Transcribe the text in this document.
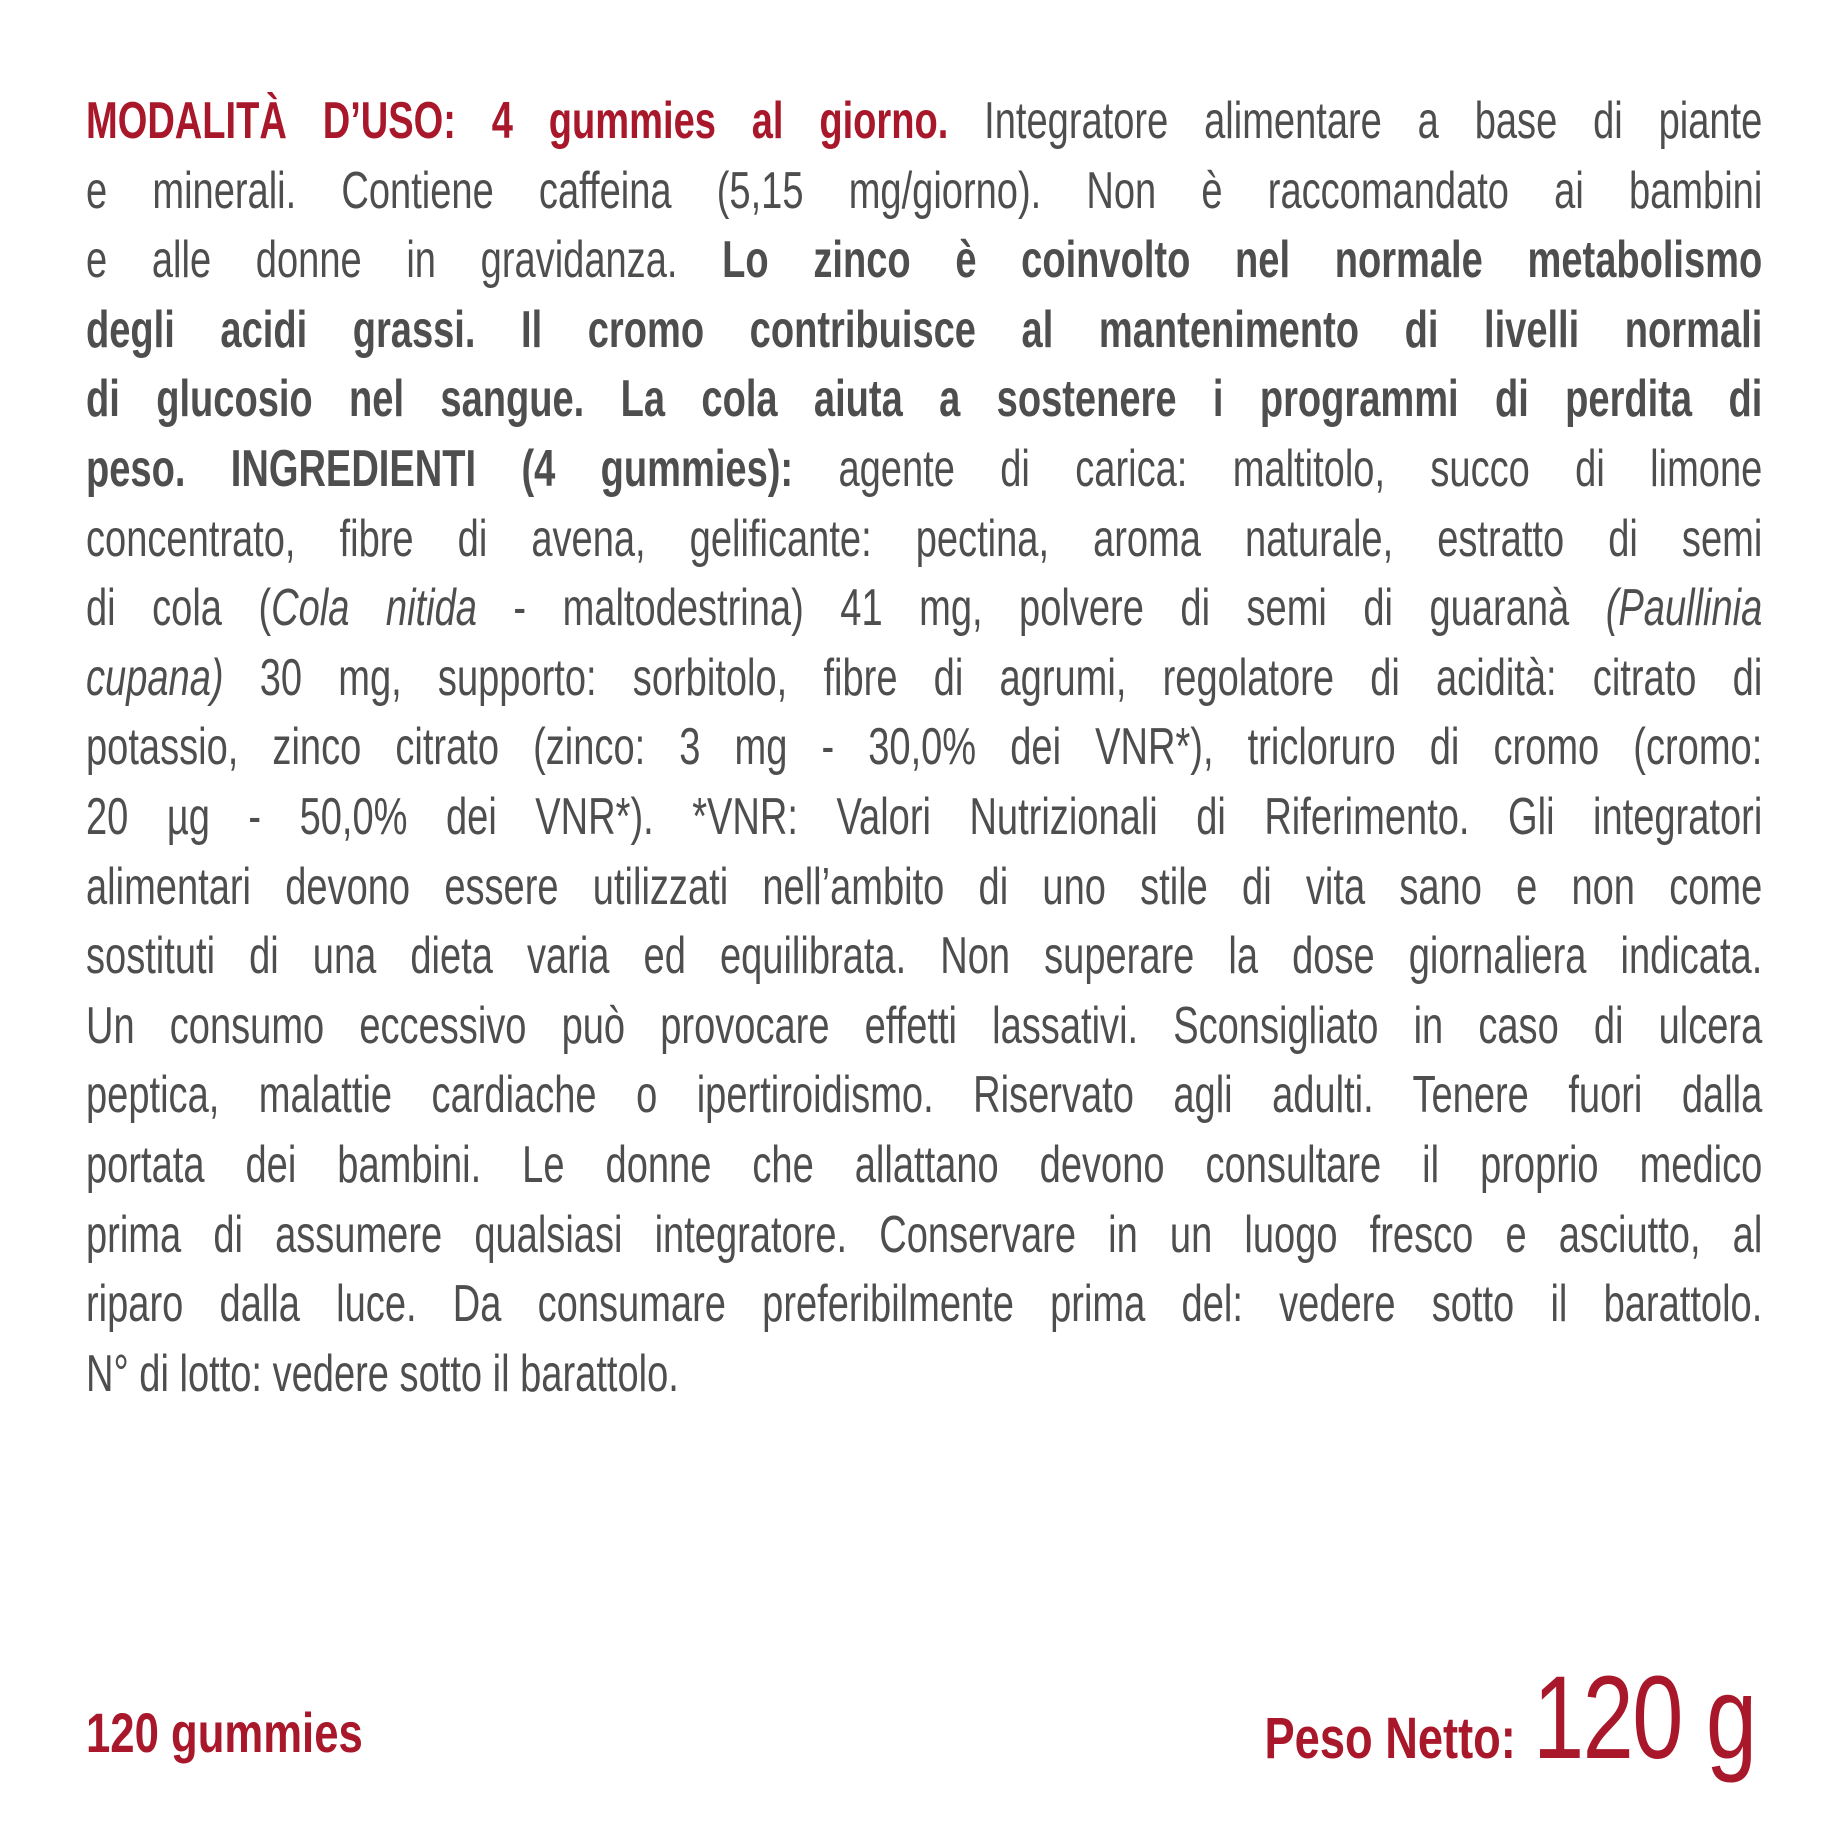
MODALITÀ D’USO: 4 gummies al giorno. Integratore alimentare a base di piante
e minerali. Contiene caffeina (5,15 mg/giorno). Non è raccomandato ai bambini
e alle donne in gravidanza. Lo zinco è coinvolto nel normale metabolismo
degli acidi grassi. Il cromo contribuisce al mantenimento di livelli normali
di glucosio nel sangue. La cola aiuta a sostenere i programmi di perdita di
peso. INGREDIENTI (4 gummies): agente di carica: maltitolo, succo di limone
concentrato, fibre di avena, gelificante: pectina, aroma naturale, estratto di semi
di cola (Cola nitida - maltodestrina) 41 mg, polvere di semi di guaranà (Paullinia
cupana) 30 mg, supporto: sorbitolo, fibre di agrumi, regolatore di acidità: citrato di
potassio, zinco citrato (zinco: 3 mg - 30,0% dei VNR*), tricloruro di cromo (cromo:
20 µg - 50,0% dei VNR*). *VNR: Valori Nutrizionali di Riferimento. Gli integratori
alimentari devono essere utilizzati nell’ambito di uno stile di vita sano e non come
sostituti di una dieta varia ed equilibrata. Non superare la dose giornaliera indicata.
Un consumo eccessivo può provocare effetti lassativi. Sconsigliato in caso di ulcera
peptica, malattie cardiache o ipertiroidismo. Riservato agli adulti. Tenere fuori dalla
portata dei bambini. Le donne che allattano devono consultare il proprio medico
prima di assumere qualsiasi integratore. Conservare in un luogo fresco e asciutto, al
riparo dalla luce. Da consumare preferibilmente prima del: vedere sotto il barattolo.
N° di lotto: vedere sotto il barattolo.
120 gummies	Peso Netto: 120 g
